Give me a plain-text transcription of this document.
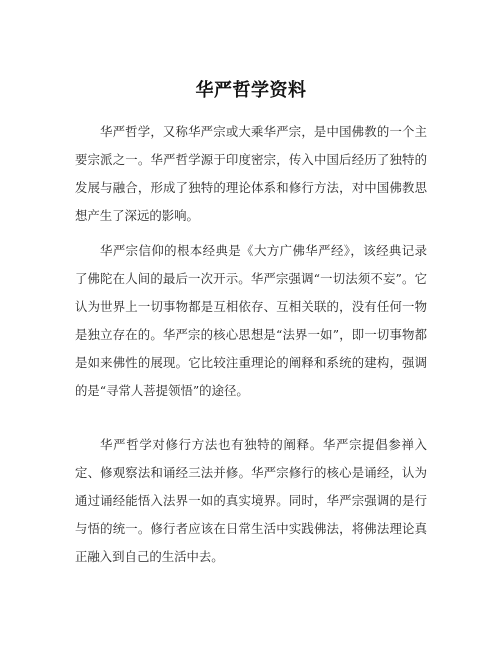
华严哲学资料

华严哲学，又称华严宗或大乘华严宗，是中国佛教的一个主要宗派之一。华严哲学源于印度密宗，传入中国后经历了独特的发展与融合，形成了独特的理论体系和修行方法，对中国佛教思想产生了深远的影响。

华严宗信仰的根本经典是《大方广佛华严经》，该经典记录了佛陀在人间的最后一次开示。华严宗强调“一切法须不妄”。它认为世界上一切事物都是互相依存、互相关联的，没有任何一物是独立存在的。华严宗的核心思想是“法界一如”，即一切事物都是如来佛性的展现。它比较注重理论的阐释和系统的建构，强调的是“寻常人菩提领悟”的途径。

华严哲学对修行方法也有独特的阐释。华严宗提倡参禅入定、修观察法和诵经三法并修。华严宗修行的核心是诵经，认为通过诵经能悟入法界一如的真实境界。同时，华严宗强调的是行与悟的统一。修行者应该在日常生活中实践佛法，将佛法理论真正融入到自己的生活中去。
